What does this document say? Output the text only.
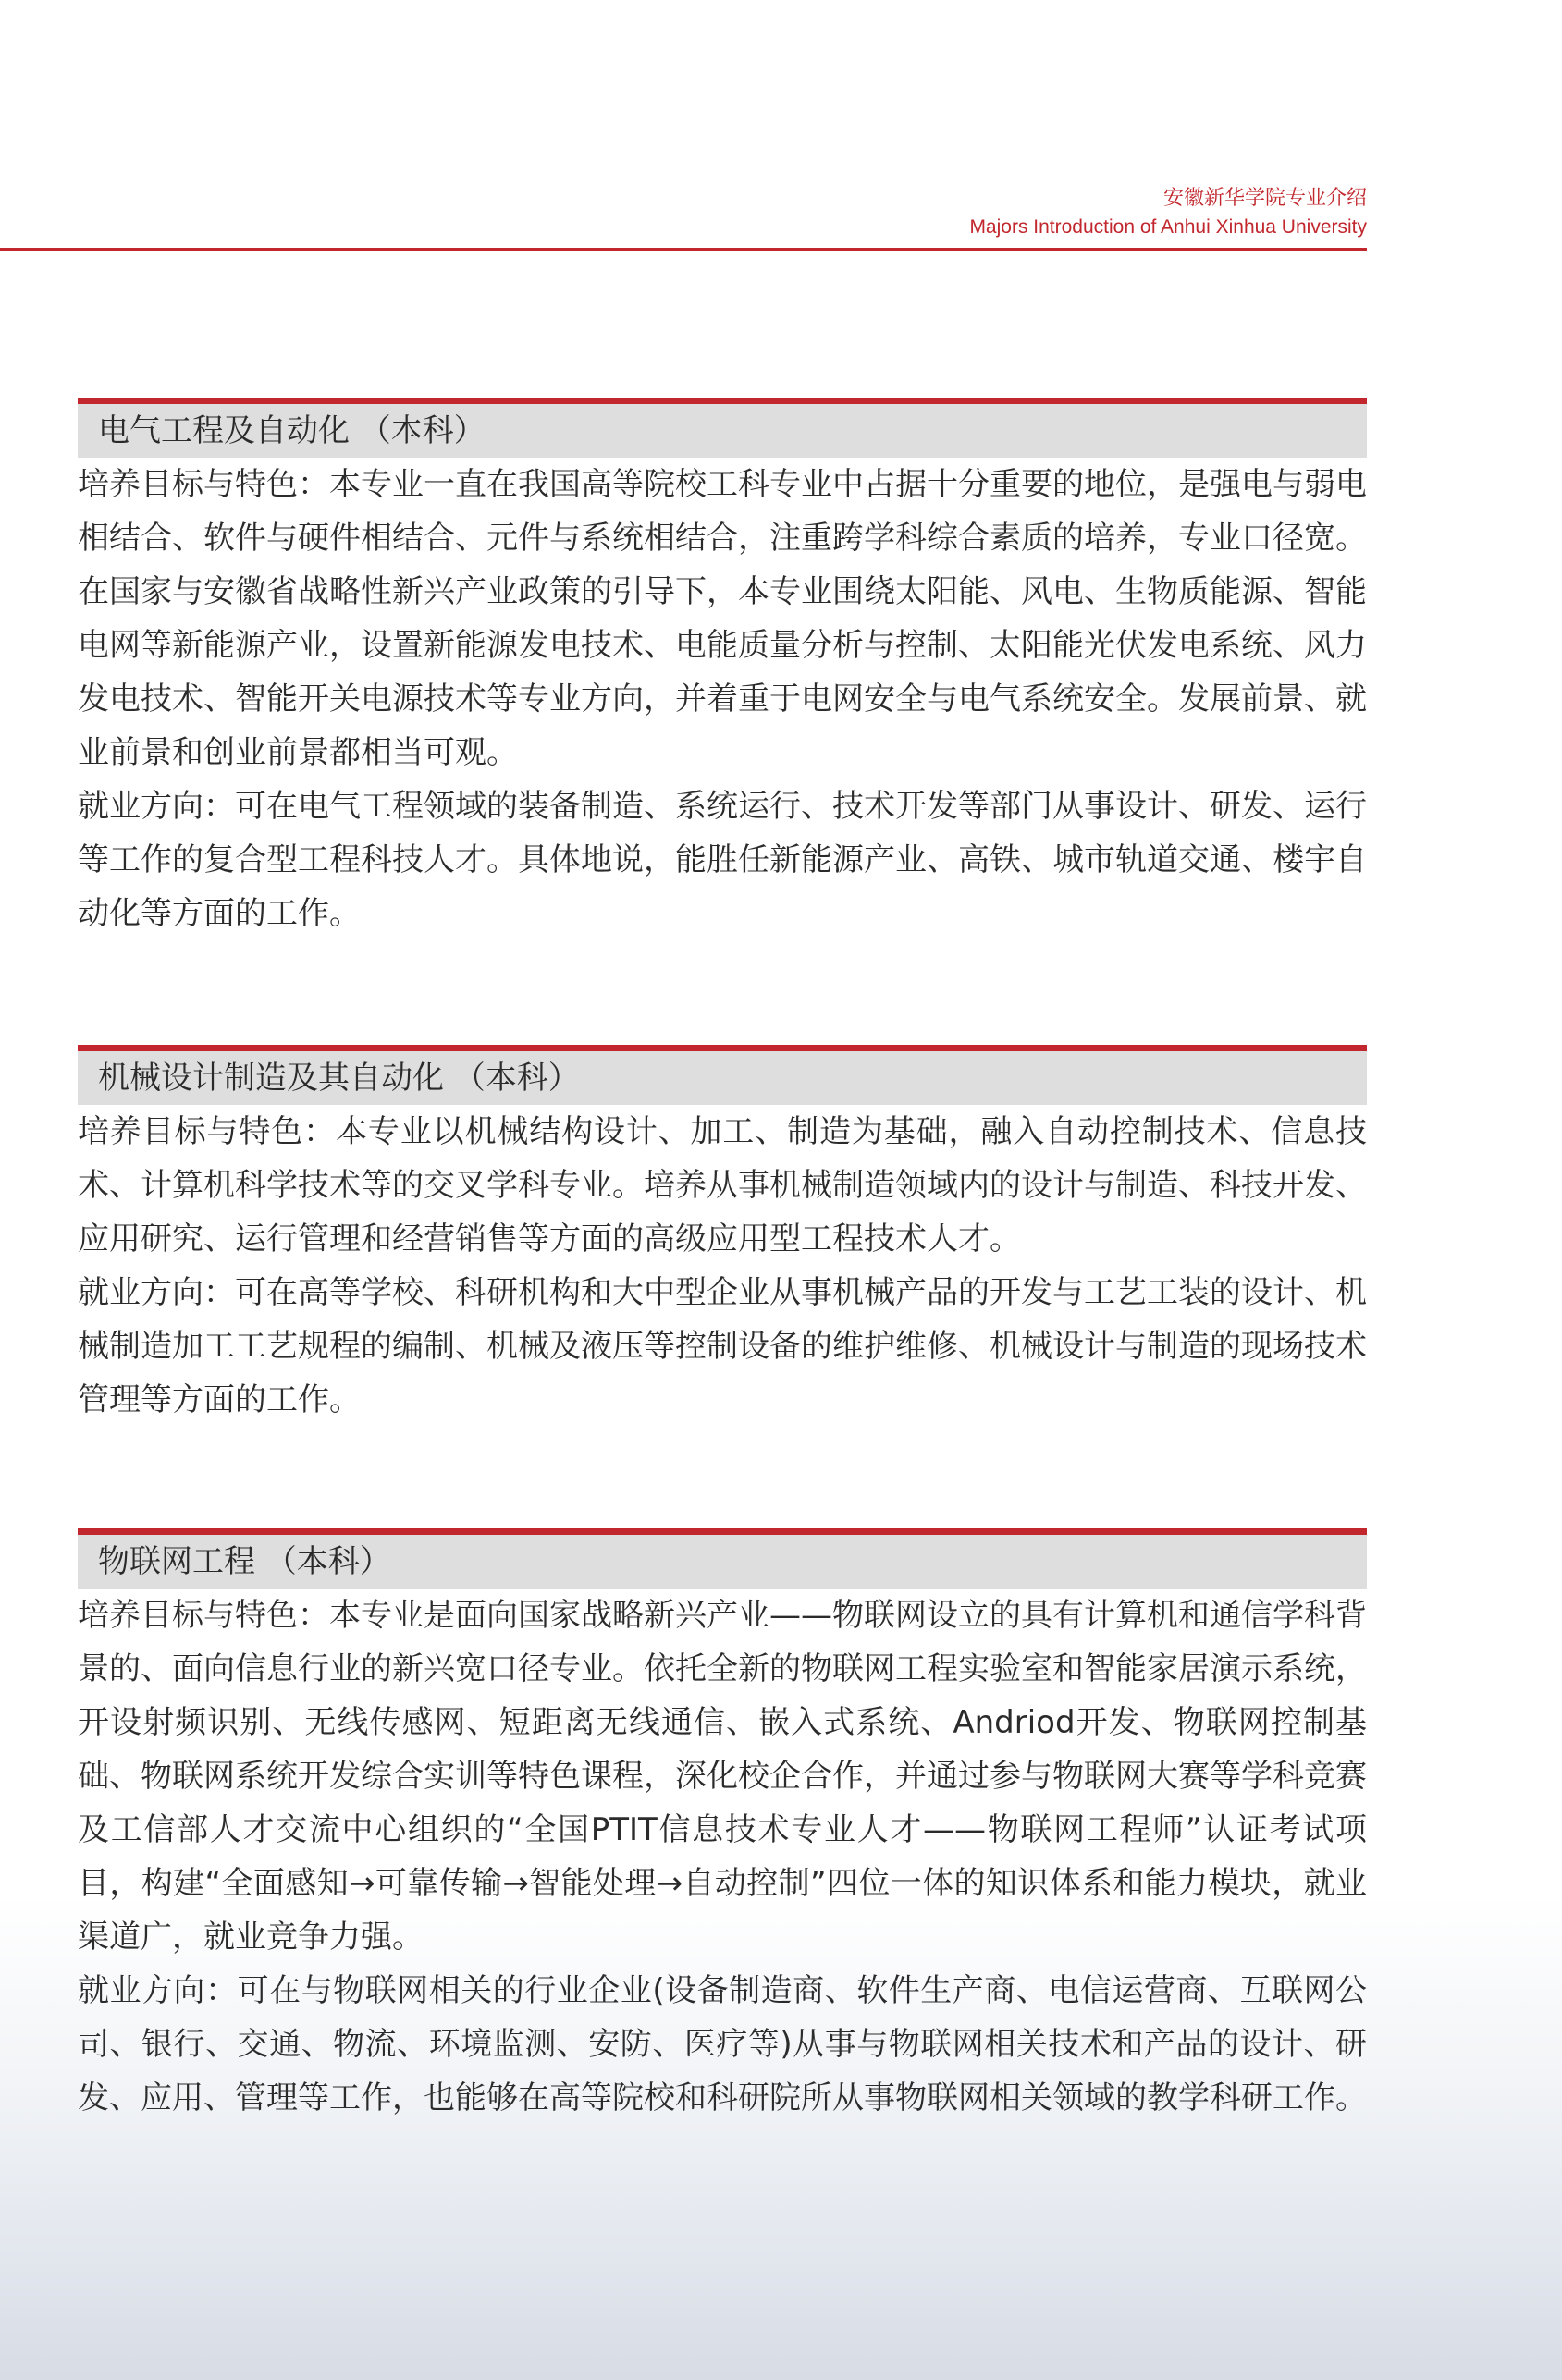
安徽新华学院专业介绍
Majors Introduction of Anhui Xinhua University
电气工程及自动化 （本科）

培养目标与特色：本专业一直在我国高等院校工科专业中占据十分重要的地位，是强电与弱电相结合、软件与硬件相结合、元件与系统相结合，注重跨学科综合素质的培养，专业口径宽。在国家与安徽省战略性新兴产业政策的引导下，本专业围绕太阳能、风电、生物质能源、智能电网等新能源产业，设置新能源发电技术、电能质量分析与控制、太阳能光伏发电系统、风力发电技术、智能开关电源技术等专业方向，并着重于电网安全与电气系统安全。发展前景、就业前景和创业前景都相当可观。

就业方向：可在电气工程领域的装备制造、系统运行、技术开发等部门从事设计、研发、运行等工作的复合型工程科技人才。具体地说，能胜任新能源产业、高铁、城市轨道交通、楼宇自动化等方面的工作。

机械设计制造及其自动化 （本科）

培养目标与特色：本专业以机械结构设计、加工、制造为基础，融入自动控制技术、信息技术、计算机科学技术等的交叉学科专业。培养从事机械制造领域内的设计与制造、科技开发、应用研究、运行管理和经营销售等方面的高级应用型工程技术人才。

就业方向：可在高等学校、科研机构和大中型企业从事机械产品的开发与工艺工装的设计、机械制造加工工艺规程的编制、机械及液压等控制设备的维护维修、机械设计与制造的现场技术管理等方面的工作。

物联网工程 （本科）

培养目标与特色：本专业是面向国家战略新兴产业——物联网设立的具有计算机和通信学科背景的、面向信息行业的新兴宽口径专业。依托全新的物联网工程实验室和智能家居演示系统，开设射频识别、无线传感网、短距离无线通信、嵌入式系统、Andriod开发、物联网控制基础、物联网系统开发综合实训等特色课程，深化校企合作，并通过参与物联网大赛等学科竞赛及工信部人才交流中心组织的“全国PTIT信息技术专业人才——物联网工程师”认证考试项目，构建“全面感知→可靠传输→智能处理→自动控制”四位一体的知识体系和能力模块，就业渠道广，就业竞争力强。

就业方向：可在与物联网相关的行业企业(设备制造商、软件生产商、电信运营商、互联网公司、银行、交通、物流、环境监测、安防、医疗等)从事与物联网相关技术和产品的设计、研发、应用、管理等工作，也能够在高等院校和科研院所从事物联网相关领域的教学科研工作。
